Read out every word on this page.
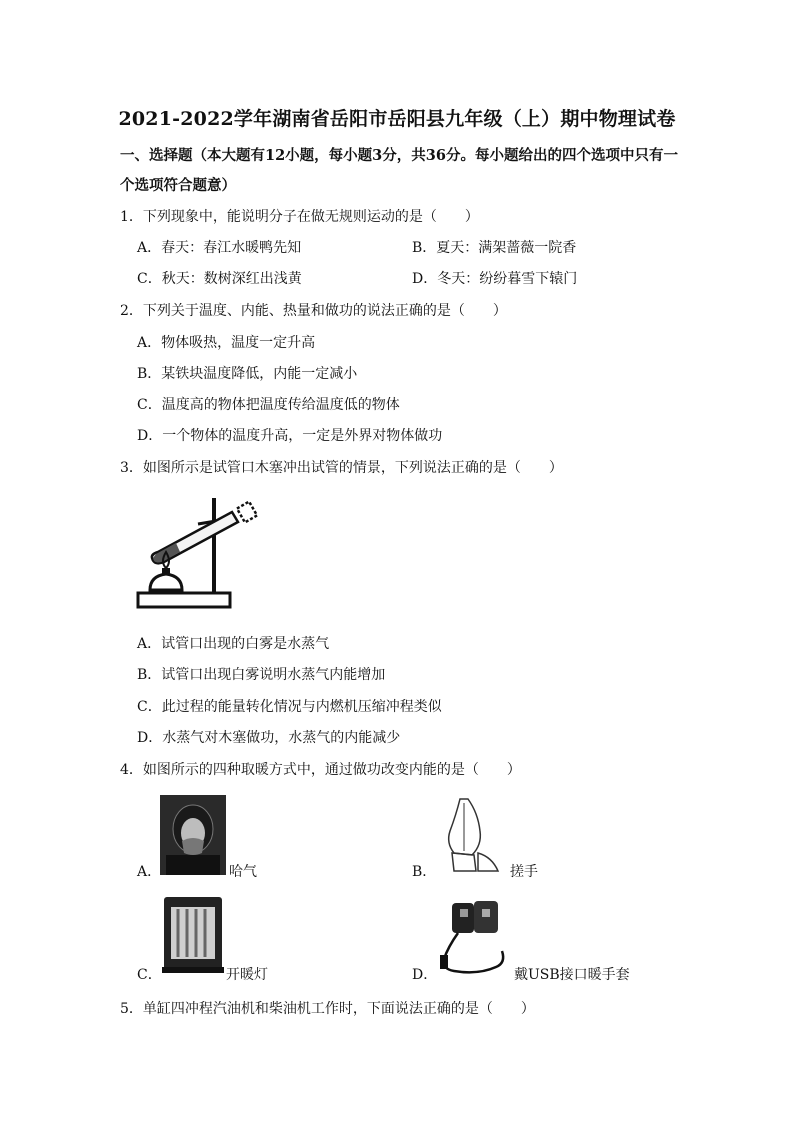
2021-2022学年湖南省岳阳市岳阳县九年级（上）期中物理试卷
一、选择题（本大题有12小题，每小题3分，共36分。每小题给出的四个选项中只有一
个选项符合题意）
1．下列现象中，能说明分子在做无规则运动的是（　　）
A．春天：春江水暖鸭先知	B．夏天：满架蔷薇一院香
C．秋天：数树深红出浅黄	D．冬天：纷纷暮雪下辕门
2．下列关于温度、内能、热量和做功的说法正确的是（　　）
A．物体吸热，温度一定升高
B．某铁块温度降低，内能一定减小
C．温度高的物体把温度传给温度低的物体
D．一个物体的温度升高，一定是外界对物体做功
3．如图所示是试管口木塞冲出试管的情景，下列说法正确的是（　　）
A．试管口出现的白雾是水蒸气
B．试管口出现白雾说明水蒸气内能增加
C．此过程的能量转化情况与内燃机压缩冲程类似
D．水蒸气对木塞做功，水蒸气的内能减少
4．如图所示的四种取暖方式中，通过做功改变内能的是（　　）
A．	哈气	B．	搓手
C．	开暖灯	D．	戴USB接口暖手套
5．单缸四冲程汽油机和柴油机工作时，下面说法正确的是（　　）
